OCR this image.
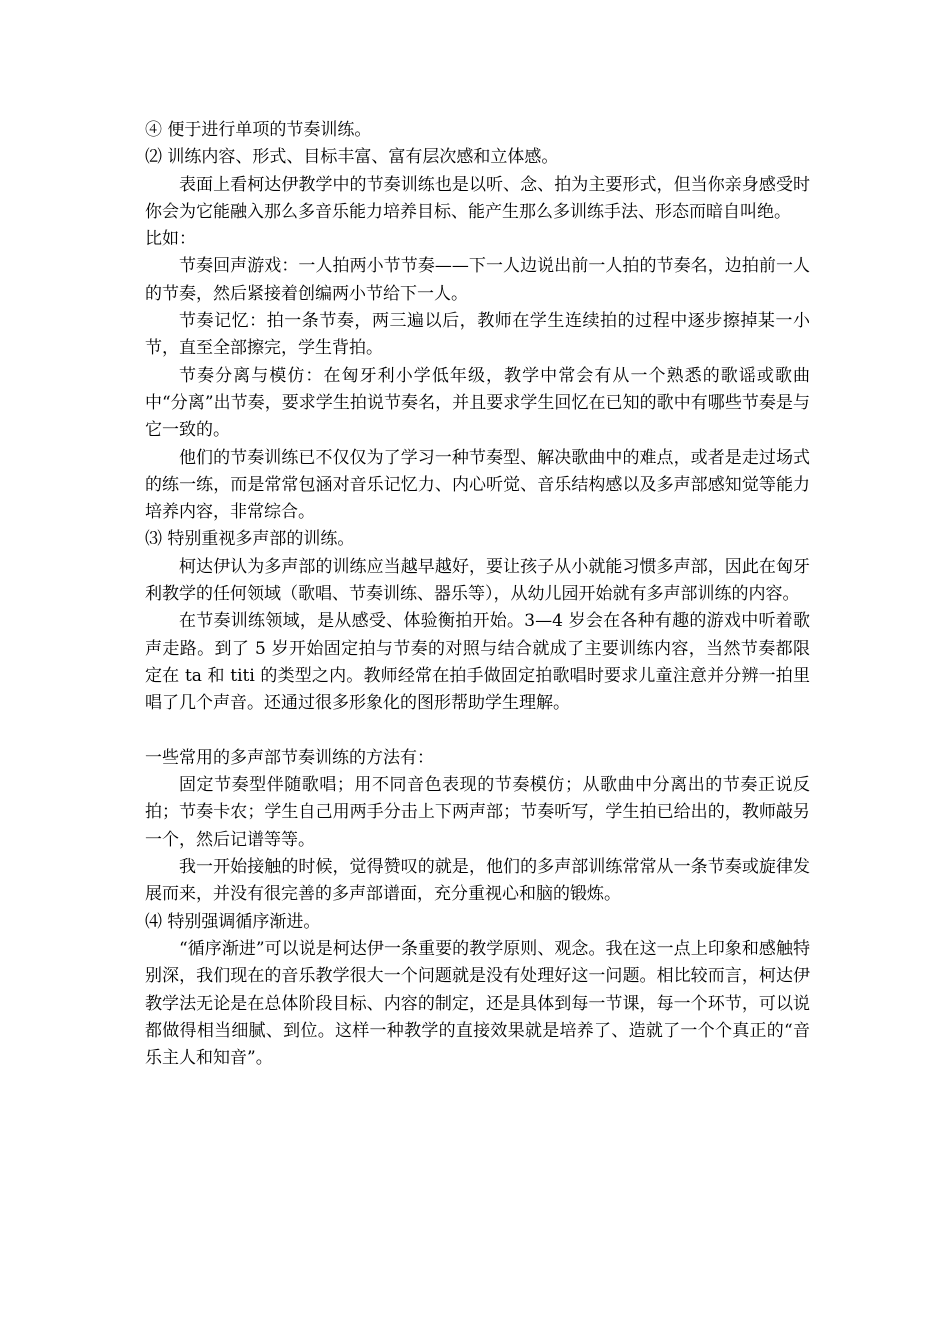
④ 便于进行单项的节奏训练。

⑵ 训练内容、形式、目标丰富、富有层次感和立体感。

表面上看柯达伊教学中的节奏训练也是以听、念、拍为主要形式，但当你亲身感受时你会为它能融入那么多音乐能力培养目标、能产生那么多训练手法、形态而暗自叫绝。

比如：

节奏回声游戏：一人拍两小节节奏——下一人边说出前一人拍的节奏名，边拍前一人的节奏，然后紧接着创编两小节给下一人。

节奏记忆：拍一条节奏，两三遍以后，教师在学生连续拍的过程中逐步擦掉某一小节，直至全部擦完，学生背拍。

节奏分离与模仿：在匈牙利小学低年级，教学中常会有从一个熟悉的歌谣或歌曲中“分离”出节奏，要求学生拍说节奏名，并且要求学生回忆在已知的歌中有哪些节奏是与它一致的。

他们的节奏训练已不仅仅为了学习一种节奏型、解决歌曲中的难点，或者是走过场式的练一练，而是常常包涵对音乐记忆力、内心听觉、音乐结构感以及多声部感知觉等能力培养内容，非常综合。

⑶ 特别重视多声部的训练。

柯达伊认为多声部的训练应当越早越好，要让孩子从小就能习惯多声部，因此在匈牙利教学的任何领域（歌唱、节奏训练、器乐等），从幼儿园开始就有多声部训练的内容。

在节奏训练领域，是从感受、体验衡拍开始。3—4 岁会在各种有趣的游戏中听着歌声走路。到了 5 岁开始固定拍与节奏的对照与结合就成了主要训练内容，当然节奏都限定在 ta 和 titi 的类型之内。教师经常在拍手做固定拍歌唱时要求儿童注意并分辨一拍里唱了几个声音。还通过很多形象化的图形帮助学生理解。

一些常用的多声部节奏训练的方法有：

固定节奏型伴随歌唱；用不同音色表现的节奏模仿；从歌曲中分离出的节奏正说反拍；节奏卡农；学生自己用两手分击上下两声部；节奏听写，学生拍已给出的，教师敲另一个，然后记谱等等。

我一开始接触的时候，觉得赞叹的就是，他们的多声部训练常常从一条节奏或旋律发展而来，并没有很完善的多声部谱面，充分重视心和脑的锻炼。

⑷ 特别强调循序渐进。

“循序渐进”可以说是柯达伊一条重要的教学原则、观念。我在这一点上印象和感触特别深，我们现在的音乐教学很大一个问题就是没有处理好这一问题。相比较而言，柯达伊教学法无论是在总体阶段目标、内容的制定，还是具体到每一节课，每一个环节，可以说都做得相当细腻、到位。这样一种教学的直接效果就是培养了、造就了一个个真正的“音乐主人和知音”。
